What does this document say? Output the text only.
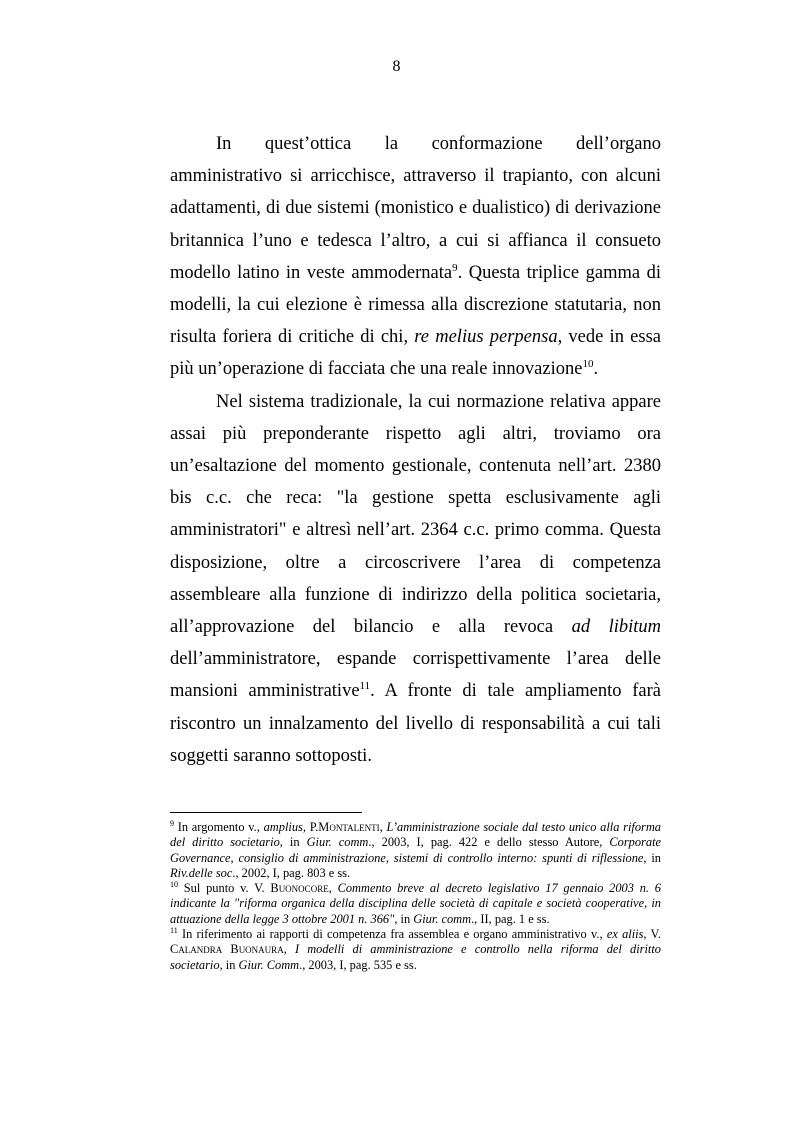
8

In quest’ottica la conformazione dell’organo amministrativo si arricchisce, attraverso il trapianto, con alcuni adattamenti, di due sistemi (monistico e dualistico) di derivazione britannica l’uno e tedesca l’altro, a cui si affianca il consueto modello latino in veste ammodernata$^9$. Questa triplice gamma di modelli, la cui elezione è rimessa alla discrezione statutaria, non risulta foriera di critiche di chi, re melius perpensa, vede in essa più un’operazione di facciata che una reale innovazione$^{10}$.

Nel sistema tradizionale, la cui normazione relativa appare assai più preponderante rispetto agli altri, troviamo ora un’esaltazione del momento gestionale, contenuta nell’art. 2380 bis c.c. che reca: "la gestione spetta esclusivamente agli amministratori" e altresì nell’art. 2364 c.c. primo comma. Questa disposizione, oltre a circoscrivere l’area di competenza assembleare alla funzione di indirizzo della politica societaria, all’approvazione del bilancio e alla revoca ad libitum dell’amministratore, espande corrispettivamente l’area delle mansioni amministrative$^{11}$. A fronte di tale ampliamento farà riscontro un innalzamento del livello di responsabilità a cui tali soggetti saranno sottoposti.

$^9$ In argomento v., amplius, P.Montalenti, L’amministrazione sociale dal testo unico alla riforma del diritto societario, in Giur. comm., 2003, I, pag. 422 e dello stesso Autore, Corporate Governance, consiglio di amministrazione, sistemi di controllo interno: spunti di riflessione, in Riv.delle soc., 2002, I, pag. 803 e ss.

$^{10}$ Sul punto v. V. Buonocore, Commento breve al decreto legislativo 17 gennaio 2003 n. 6 indicante la "riforma organica della disciplina delle società di capitale e società cooperative, in attuazione della legge 3 ottobre 2001 n. 366", in Giur. comm., II, pag. 1 e ss.

$^{11}$ In riferimento ai rapporti di competenza fra assemblea e organo amministrativo v., ex aliis, V. Calandra Buonaura, I modelli di amministrazione e controllo nella riforma del diritto societario, in Giur. Comm., 2003, I, pag. 535 e ss.
